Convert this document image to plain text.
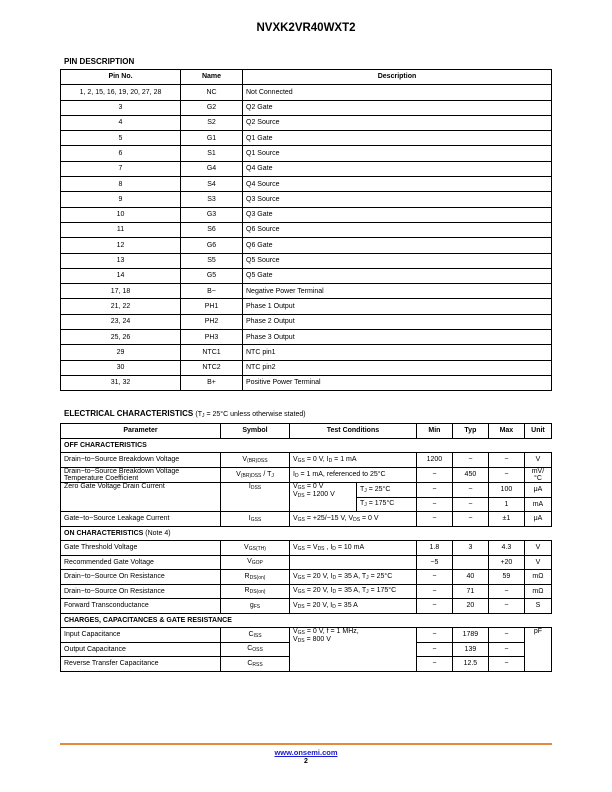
NVXK2VR40WXT2
PIN DESCRIPTION
Pin No.	Name	Description
1, 2, 15, 16, 19, 20, 27, 28	NC	Not Connected
3	G2	Q2 Gate
4	S2	Q2 Source
5	G1	Q1 Gate
6	S1	Q1 Source
7	G4	Q4 Gate
8	S4	Q4 Source
9	S3	Q3 Source
10	G3	Q3 Gate
11	S6	Q6 Source
12	G6	Q6 Gate
13	S5	Q5 Source
14	G5	Q5 Gate
17, 18	B−	Negative Power Terminal
21, 22	PH1	Phase 1 Output
23, 24	PH2	Phase 2 Output
25, 26	PH3	Phase 3 Output
29	NTC1	NTC pin1
30	NTC2	NTC pin2
31, 32	B+	Positive Power Terminal
ELECTRICAL CHARACTERISTICS ($T_J = 25^\circ C$ unless otherwise stated)
Parameter	Symbol	Test Conditions		Min	Typ	Max	Unit
OFF CHARACTERISTICS							
Drain−to−Source Breakdown Voltage	$V_{(BR)DSS}$	$V_{GS} = 0$ V, $I_D = 1$ mA		1200	−	−	V
Drain−to−Source Breakdown Voltage
Temperature Coefficient	$V_{(BR)DSS} / T_J$	$I_D = 1$ mA, referenced to 25°C		−	450	−	mV/°C
Zero Gate Voltage Drain Current	$I_{DSS}$	$V_{GS} = 0$ V
$V_{DS} = 1200$ V	$T_J = 25^\circ C$	−	−	100	μA
			$T_J = 175^\circ C$	−	−	1	mA
Gate−to−Source Leakage Current	$I_{GSS}$	$V_{GS} = +25/-15$ V, $V_{DS} = 0$ V		−	−	±1	μA
ON CHARACTERISTICS (Note 4)							
Gate Threshold Voltage	$V_{GS(TH)}$	$V_{GS} = V_{DS}$ , $I_D = 10$ mA		1.8	3	4.3	V
Recommended Gate Voltage	$V_{GOP}$			−5		+20	V
Drain−to−Source On Resistance	$R_{DS(on)}$	$V_{GS} = 20$ V, $I_D = 35$ A, $T_J = 25^\circ C$		−	40	59	mΩ
Drain−to−Source On Resistance	$R_{DS(on)}$	$V_{GS} = 20$ V, $I_D = 35$ A, $T_J = 175^\circ C$		−	71	−	mΩ
Forward Transconductance	$g_{FS}$	$V_{DS} = 20$ V, $I_D = 35$ A		−	20	−	S
CHARGES, CAPACITANCES & GATE RESISTANCE							
Input Capacitance	$C_{ISS}$	$V_{GS} = 0$ V, f = 1 MHz,
$V_{DS} = 800$ V		−	1789	−	pF
Output Capacitance	$C_{OSS}$			−	139	−	
Reverse Transfer Capacitance	$C_{RSS}$			−	12.5	−	
www.onsemi.com
2
